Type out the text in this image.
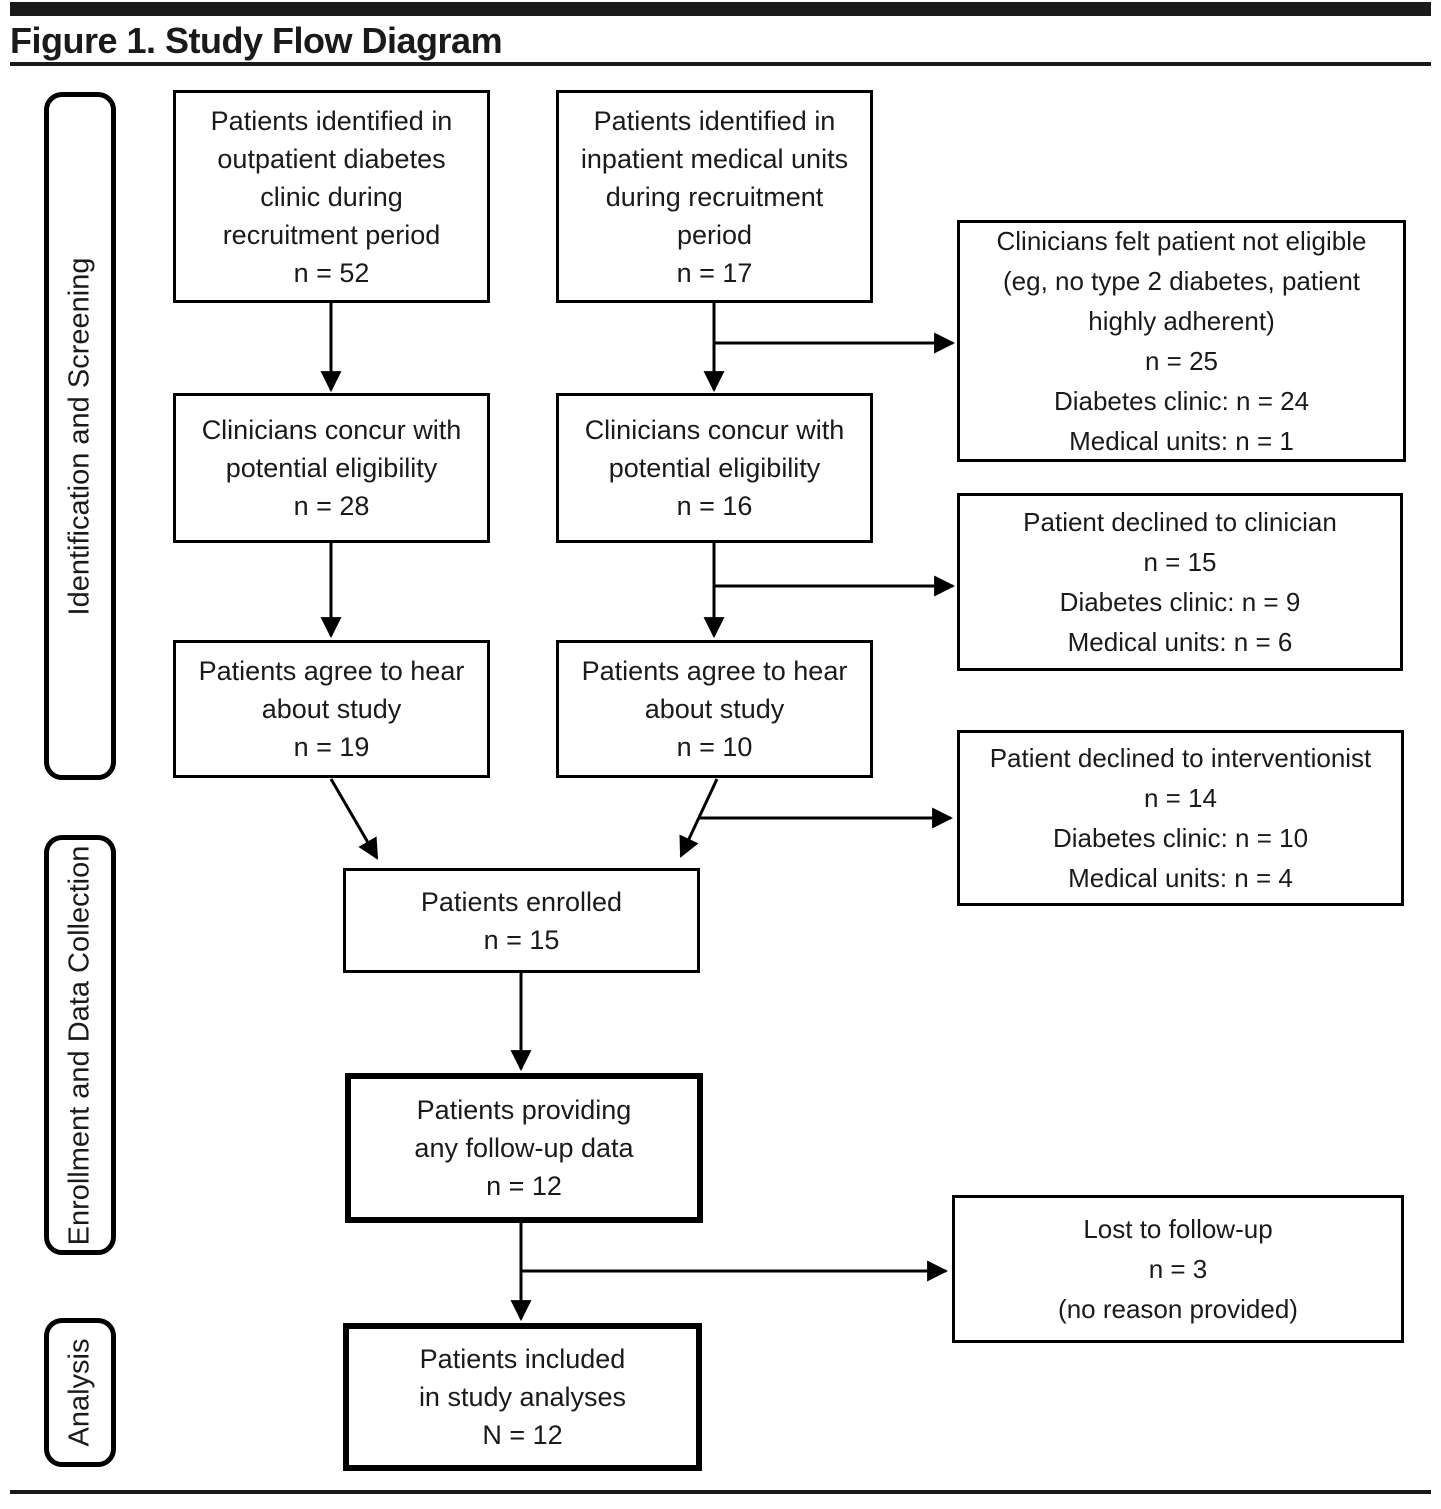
Figure 1. Study Flow Diagram
Identification and Screening
Enrollment and Data Collection
Analysis
Patients identified in
outpatient diabetes
clinic during
recruitment period
n = 52
Patients identified in
inpatient medical units
during recruitment
period
n = 17
Clinicians concur with
potential eligibility
n = 28
Clinicians concur with
potential eligibility
n = 16
Patients agree to hear
about study
n = 19
Patients agree to hear
about study
n = 10
Patients enrolled
n = 15
Patients providing
any follow-up data
n = 12
Patients included
in study analyses
N = 12
Clinicians felt patient not eligible
(eg, no type 2 diabetes, patient
highly adherent)
n = 25
Diabetes clinic: n = 24
Medical units: n = 1
Patient declined to clinician
n = 15
Diabetes clinic: n = 9
Medical units: n = 6
Patient declined to interventionist
n = 14
Diabetes clinic: n = 10
Medical units: n = 4
Lost to follow-up
n = 3
(no reason provided)
